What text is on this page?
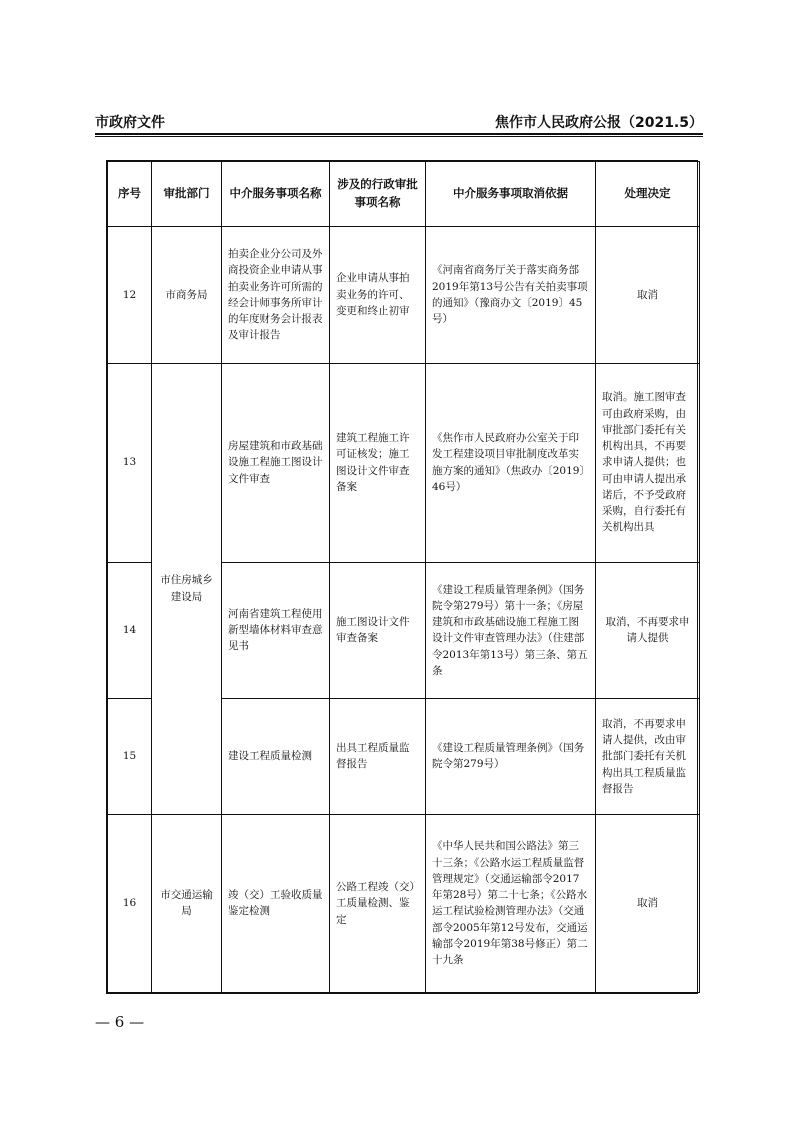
市政府文件	焦作市人民政府公报（2021.5）
序号	审批部门	中介服务事项名称	涉及的行政审批事项名称	中介服务事项取消依据	处理决定
12	市商务局	拍卖企业分公司及外商投资企业申请从事拍卖业务许可所需的经会计师事务所审计的年度财务会计报表及审计报告	企业申请从事拍卖业务的许可、变更和终止初审	《河南省商务厅关于落实商务部2019年第13号公告有关拍卖事项的通知》（豫商办文〔2019〕45号）	取消
13	市住房城乡建设局	房屋建筑和市政基础设施工程施工图设计文件审查	建筑工程施工许可证核发；施工图设计文件审查备案	《焦作市人民政府办公室关于印发工程建设项目审批制度改革实施方案的通知》（焦政办〔2019〕46号）	取消。施工图审查可由政府采购，由审批部门委托有关机构出具，不再要求申请人提供；也可由申请人提出承诺后，不予受政府采购，自行委托有关机构出具
14		河南省建筑工程使用新型墙体材料审查意见书	施工图设计文件审查备案	《建设工程质量管理条例》（国务院令第279号）第十一条；《房屋建筑和市政基础设施工程施工图设计文件审查管理办法》（住建部令2013年第13号）第三条、第五条	取消，不再要求申请人提供
15		建设工程质量检测	出具工程质量监督报告	《建设工程质量管理条例》（国务院令第279号）	取消，不再要求申请人提供，改由审批部门委托有关机构出具工程质量监督报告
16	市交通运输局	竣（交）工验收质量鉴定检测	公路工程竣（交）工质量检测、鉴定	《中华人民共和国公路法》第三十三条；《公路水运工程质量监督管理规定》（交通运输部令2017年第28号）第二十七条；《公路水运工程试验检测管理办法》（交通部令2005年第12号发布，交通运输部令2019年第38号修正）第二十九条	取消
— 6 —
